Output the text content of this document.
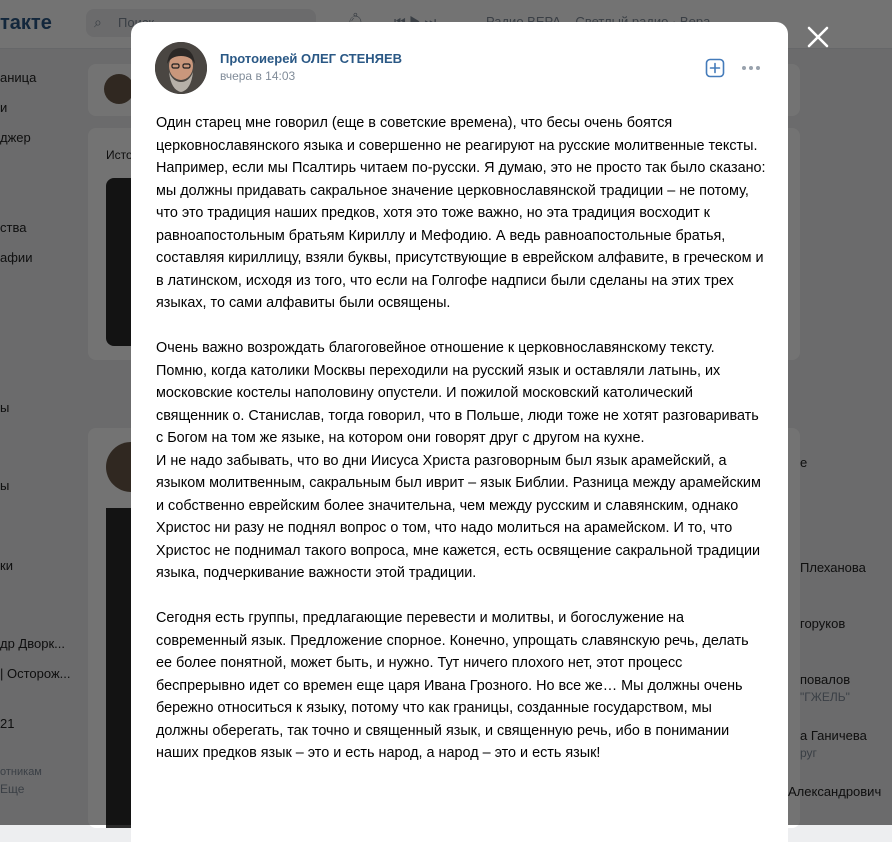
Протоиерей ОЛЕГ СТЕНЯЕВ
вчера в 14:03
Один старец мне говорил (еще в советские времена), что бесы очень боятся церковнославянского языка и совершенно не реагируют на русские молитвенные тексты. Например, если мы Псалтирь читаем по-русски. Я думаю, это не просто так было сказано: мы должны придавать сакральное значение церковнославянской традиции – не потому, что это традиция наших предков, хотя это тоже важно, но эта традиция восходит к равноапостольным братьям Кириллу и Мефодию. А ведь равноапостольные братья, составляя кириллицу, взяли буквы, присутствующие в еврейском алфавите, в греческом и в латинском, исходя из того, что если на Голгофе надписи были сделаны на этих трех языках, то сами алфавиты были освящены.

Очень важно возрождать благоговейное отношение к церковнославянскому тексту. Помню, когда католики Москвы переходили на русский язык и оставляли латынь, их московские костелы наполовину опустели. И пожилой московский католический священник о. Станислав, тогда говорил, что в Польше, люди тоже не хотят разговаривать с Богом на том же языке, на котором они говорят друг с другом на кухне.
И не надо забывать, что во дни Иисуса Христа разговорным был язык арамейский, а языком молитвенным, сакральным был иврит – язык Библии. Разница между арамейским и собственно еврейским более значительна, чем между русским и славянским, однако Христос ни разу не поднял вопрос о том, что надо молиться на арамейском. И то, что Христос не поднимал такого вопроса, мне кажется, есть освящение сакральной традиции языка, подчеркивание важности этой традиции.

Сегодня есть группы, предлагающие перевести и молитвы, и богослужение на современный язык. Предложение спорное. Конечно, упрощать славянскую речь, делать ее более понятной, может быть, и нужно. Тут ничего плохого нет, этот процесс беспрерывно идет со времен еще царя Ивана Грозного. Но все же… Мы должны очень бережно относиться к языку, потому что как границы, созданные государством, мы должны оберегать, так точно и священный язык, и священную речь, ибо в понимании наших предков язык – это и есть народ, а народ – это и есть язык!
